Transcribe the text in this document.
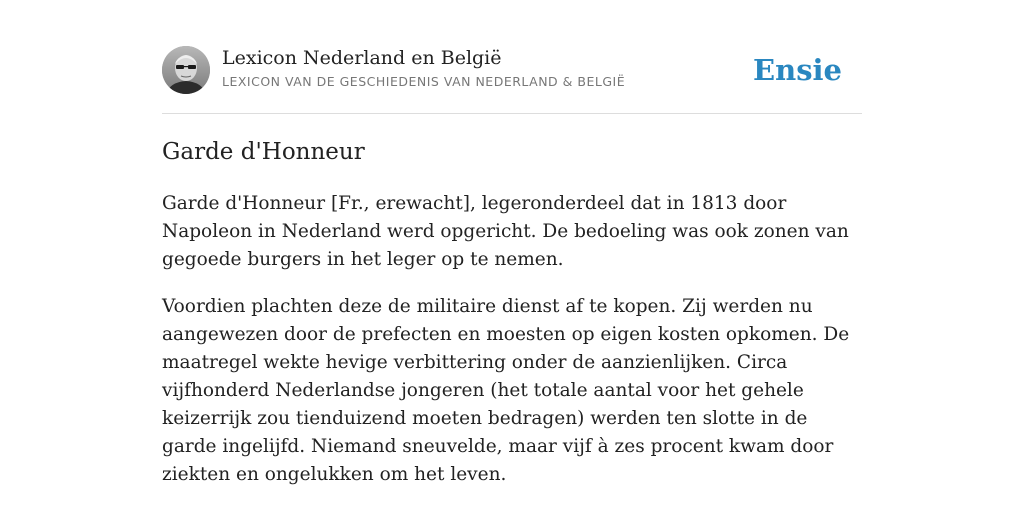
Lexicon Nederland en België
LEXICON VAN DE GESCHIEDENIS VAN NEDERLAND & BELGIË	Ensie
Garde d'Honneur

Garde d'Honneur [Fr., erewacht], legeronderdeel dat in 1813 door Napoleon in Nederland werd opgericht. De bedoeling was ook zonen van gegoede burgers in het leger op te nemen.

Voordien plachten deze de militaire dienst af te kopen. Zij werden nu aangewezen door de prefecten en moesten op eigen kosten opkomen. De maatregel wekte hevige verbittering onder de aanzienlijken. Circa vijfhonderd Nederlandse jongeren (het totale aantal voor het gehele keizerrijk zou tienduizend moeten bedragen) werden ten slotte in de garde ingelijfd. Niemand sneuvelde, maar vijf à zes procent kwam door ziekten en ongelukken om het leven.
